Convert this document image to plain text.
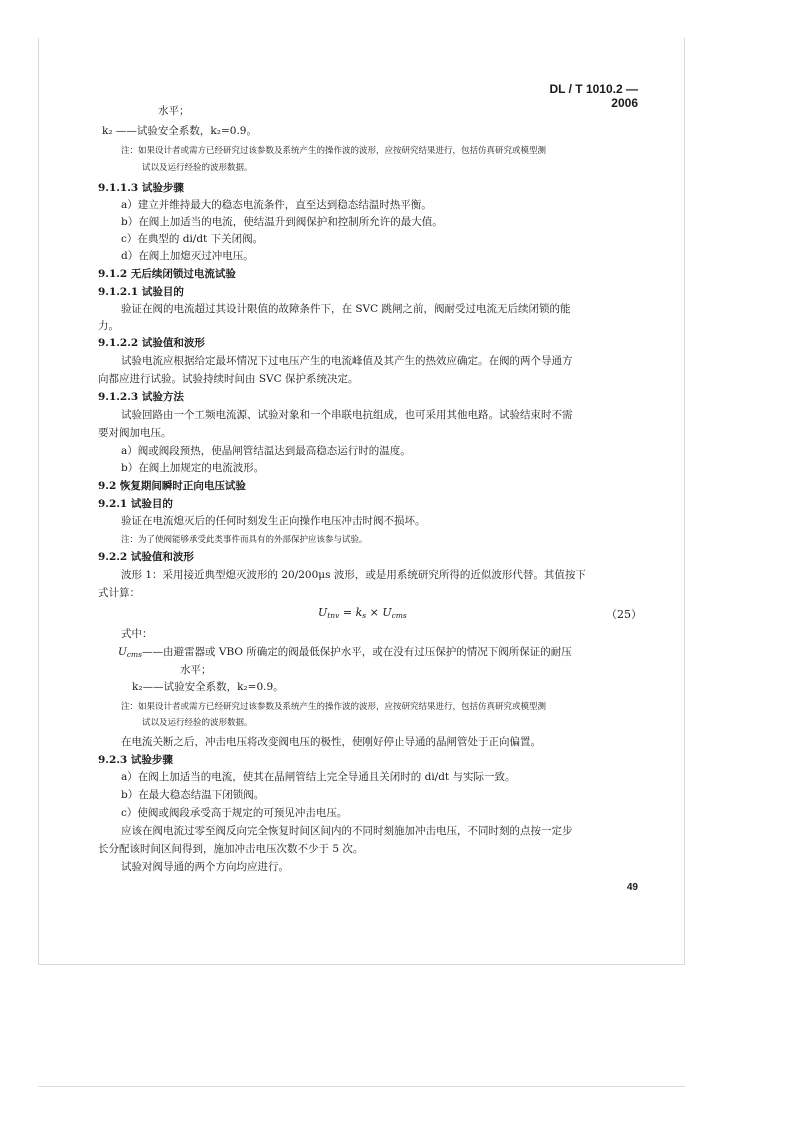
DL / T 1010.2 — 2006
水平；
k₂ ——试验安全系数，k₂=0.9。
注：如果设计者或需方已经研究过该参数及系统产生的操作波的波形，应按研究结果进行，包括仿真研究或模型测
试以及运行经验的波形数据。
9.1.1.3 试验步骤
a）建立并维持最大的稳态电流条件，直至达到稳态结温时热平衡。
b）在阀上加适当的电流，使结温升到阀保护和控制所允许的最大值。
c）在典型的 di/dt 下关闭阀。
d）在阀上加熄灭过冲电压。
9.1.2 无后续闭锁过电流试验
9.1.2.1 试验目的
验证在阀的电流超过其设计限值的故障条件下，在 SVC 跳闸之前，阀耐受过电流无后续闭锁的能
力。
9.1.2.2 试验值和波形
试验电流应根据给定最坏情况下过电压产生的电流峰值及其产生的热效应确定。在阀的两个导通方
向都应进行试验。试验持续时间由 SVC 保护系统决定。
9.1.2.3 试验方法
试验回路由一个工频电流源、试验对象和一个串联电抗组成，也可采用其他电路。试验结束时不需
要对阀加电压。
a）阀或阀段预热，使晶闸管结温达到最高稳态运行时的温度。
b）在阀上加规定的电流波形。
9.2 恢复期间瞬时正向电压试验
9.2.1 试验目的
验证在电流熄灭后的任何时刻发生正向操作电压冲击时阀不损坏。
注：为了使阀能够承受此类事件而具有的外部保护应该参与试验。
9.2.2 试验值和波形
波形 1：采用接近典型熄灭波形的 20/200μs 波形，或是用系统研究所得的近似波形代替。其值按下
式计算：
$U_{tnv} = k_s \times U_{cms}$	（25）
式中：
$U_{cms}——$由避雷器或 VBO 所确定的阀最低保护水平，或在没有过压保护的情况下阀所保证的耐压
水平；
k₂——试验安全系数，k₂=0.9。
注：如果设计者或需方已经研究过该参数及系统产生的操作波的波形，应按研究结果进行，包括仿真研究或模型测
试以及运行经验的波形数据。
在电流关断之后，冲击电压将改变阀电压的极性，使刚好停止导通的晶闸管处于正向偏置。
9.2.3 试验步骤
a）在阀上加适当的电流，使其在晶闸管结上完全导通且关闭时的 di/dt 与实际一致。
b）在最大稳态结温下闭锁阀。
c）使阀或阀段承受高于规定的可预见冲击电压。
应该在阀电流过零至阀反向完全恢复时间区间内的不同时刻施加冲击电压，不同时刻的点按一定步
长分配该时间区间得到，施加冲击电压次数不少于 5 次。
试验对阀导通的两个方向均应进行。
49
